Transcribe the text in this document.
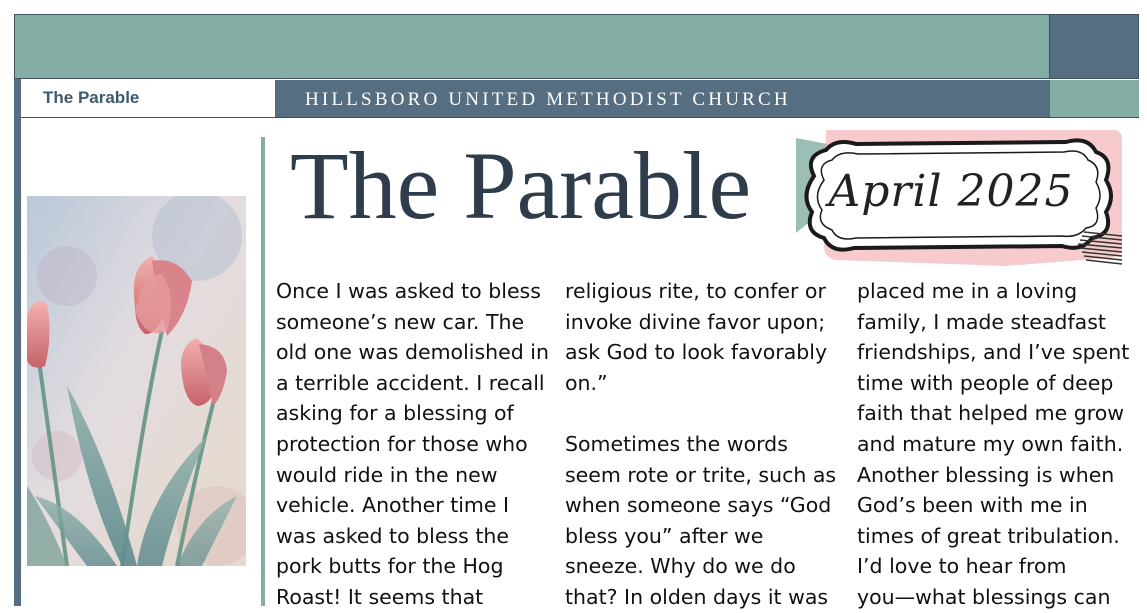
The Parable	HILLSBORO UNITED METHODIST CHURCH
The Parable	April 2025

Once I was asked to bless

someone’s new car. The

old one was demolished in

a terrible accident. I recall

asking for a blessing of

protection for those who

would ride in the new

vehicle. Another time I

was asked to bless the

pork butts for the Hog

Roast! It seems that

religious rite, to confer or

invoke divine favor upon;

ask God to look favorably

on.”

Sometimes the words

seem rote or trite, such as

when someone says “God

bless you” after we

sneeze. Why do we do

that? In olden days it was

placed me in a loving

family, I made steadfast

friendships, and I’ve spent

time with people of deep

faith that helped me grow

and mature my own faith.

Another blessing is when

God’s been with me in

times of great tribulation.

I’d love to hear from

you—what blessings can
